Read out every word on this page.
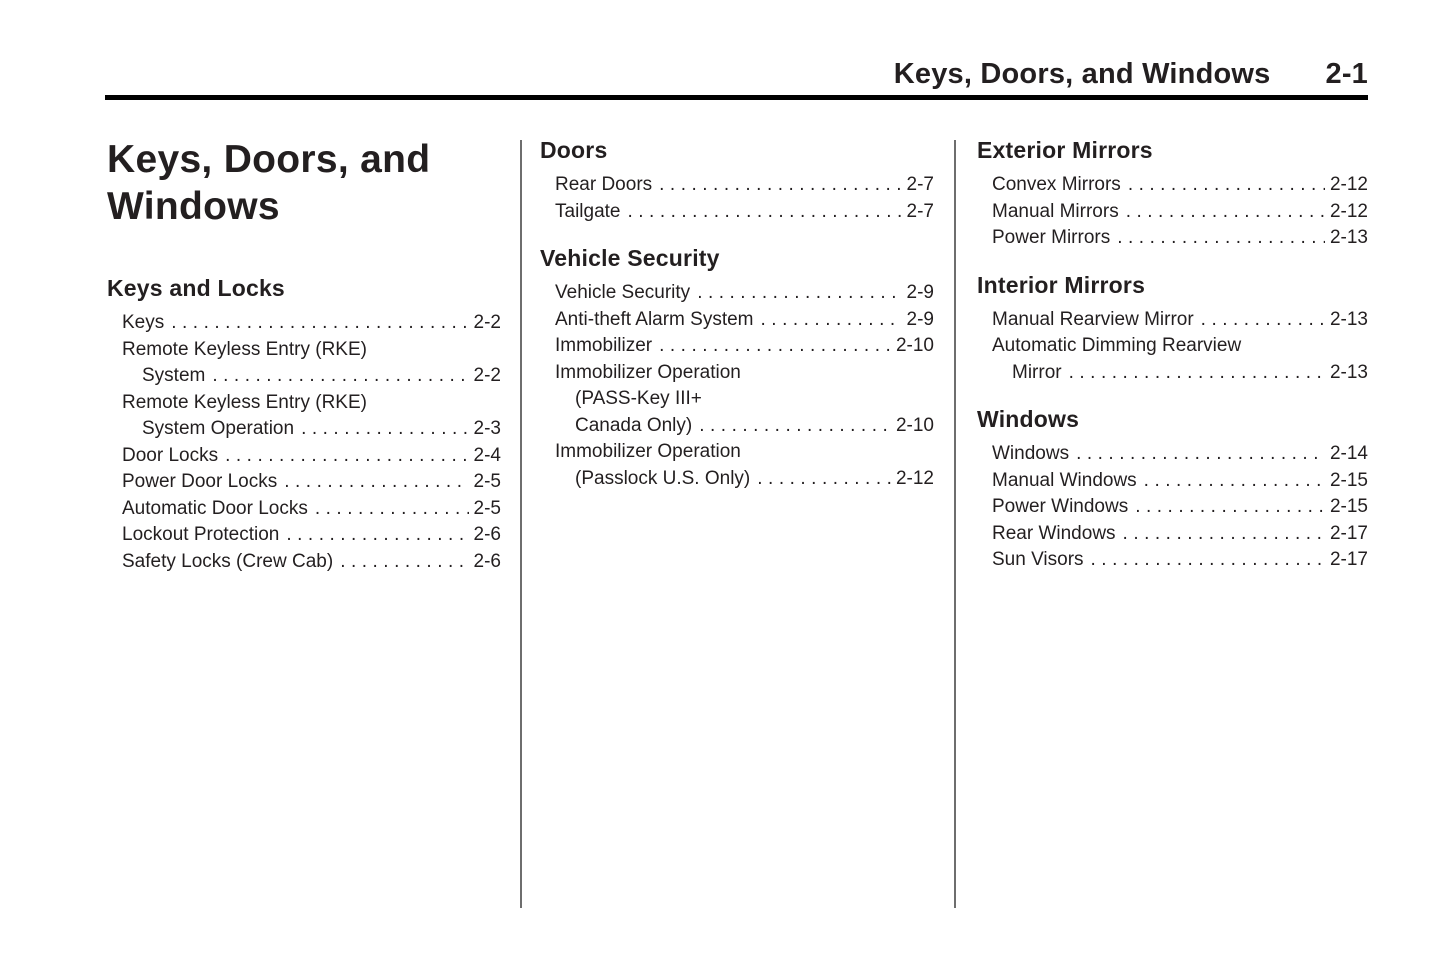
Keys, Doors, and Windows 2-1
Keys, Doors, and
Windows
Keys and Locks
Keys .....	2-2
Remote Keyless Entry (RKE)
System .....	2-2
Remote Keyless Entry (RKE)
System Operation .....	2-3
Door Locks .....	2-4
Power Door Locks .....	2-5
Automatic Door Locks .....	2-5
Lockout Protection .....	2-6
Safety Locks (Crew Cab) .....	2-6
Doors
Rear Doors .....	2-7
Tailgate .....	2-7
Vehicle Security
Vehicle Security .....	2-9
Anti-theft Alarm System .....	2-9
Immobilizer .....	2-10
Immobilizer Operation
(PASS-Key III+
Canada Only) .....	2-10
Immobilizer Operation
(Passlock U.S. Only) .....	2-12
Exterior Mirrors
Convex Mirrors .....	2-12
Manual Mirrors .....	2-12
Power Mirrors .....	2-13
Interior Mirrors
Manual Rearview Mirror .....	2-13
Automatic Dimming Rearview
Mirror .....	2-13
Windows
Windows .....	2-14
Manual Windows .....	2-15
Power Windows .....	2-15
Rear Windows .....	2-17
Sun Visors .....	2-17
